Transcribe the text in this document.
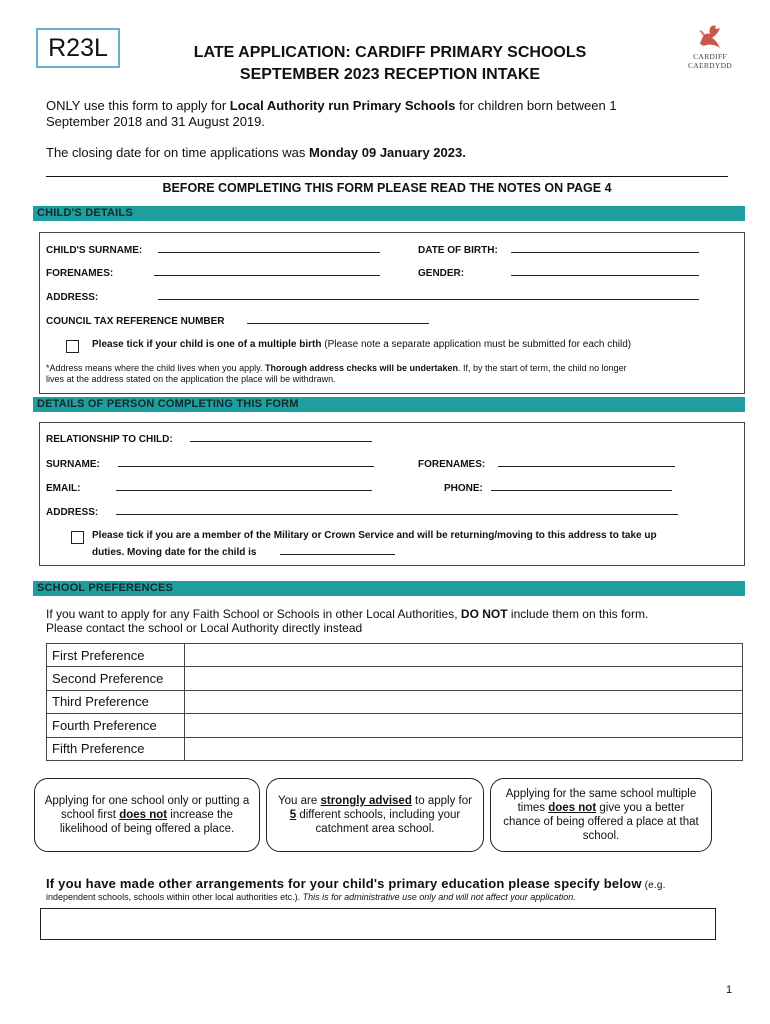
R23L	LATE APPLICATION: CARDIFF PRIMARY SCHOOLS
SEPTEMBER 2023 RECEPTION INTAKE
CARDIFF
CAERDYDD
ONLY use this form to apply for Local Authority run Primary Schools for children born between 1
September 2018 and 31 August 2019.
The closing date for on time applications was Monday 09 January 2023.
BEFORE COMPLETING THIS FORM PLEASE READ THE NOTES ON PAGE 4
CHILD'S DETAILS
CHILD'S SURNAME:	DATE OF BIRTH:
FORENAMES:	GENDER:
ADDRESS:
COUNCIL TAX REFERENCE NUMBER
Please tick if your child is one of a multiple birth (Please note a separate application must be submitted for each child)
*Address means where the child lives when you apply. Thorough address checks will be undertaken. If, by the start of term, the child no longer
lives at the address stated on the application the place will be withdrawn.
DETAILS OF PERSON COMPLETING THIS FORM
RELATIONSHIP TO CHILD:
SURNAME:	FORENAMES:
EMAIL:	PHONE:
ADDRESS:
Please tick if you are a member of the Military or Crown Service and will be returning/moving to this address to take up
duties. Moving date for the child is
SCHOOL PREFERENCES
If you want to apply for any Faith School or Schools in other Local Authorities, DO NOT include them on this form.
Please contact the school or Local Authority directly instead
First Preference	
Second Preference	
Third Preference	
Fourth Preference	
Fifth Preference	
Applying for one school only or putting a school first does not increase the likelihood of being offered a place.
You are strongly advised to apply for 5 different schools, including your catchment area school.
Applying for the same school multiple times does not give you a better chance of being offered a place at that school.
If you have made other arrangements for your child's primary education please specify below (e.g.
independent schools, schools within other local authorities etc.). This is for administrative use only and will not affect your application.
1
